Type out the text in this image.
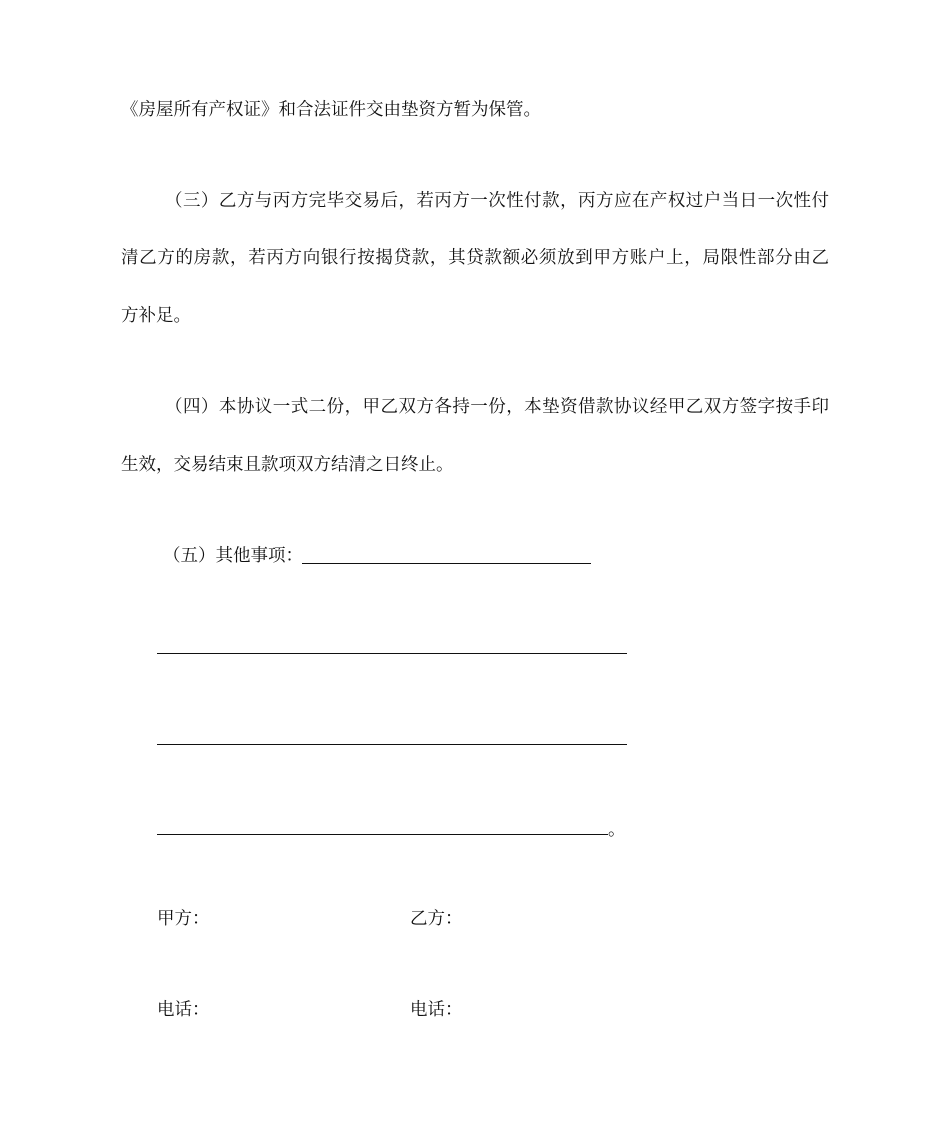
《房屋所有产权证》和合法证件交由垫资方暂为保管。
（三）乙方与丙方完毕交易后，若丙方一次性付款，丙方应在产权过户当日一次性付
清乙方的房款，若丙方向银行按揭贷款，其贷款额必须放到甲方账户上，局限性部分由乙
方补足。
（四）本协议一式二份，甲乙双方各持一份，本垫资借款协议经甲乙双方签字按手印
生效，交易结束且款项双方结清之日终止。
（五）其他事项：
。
甲方：	乙方：
电话：	电话：
